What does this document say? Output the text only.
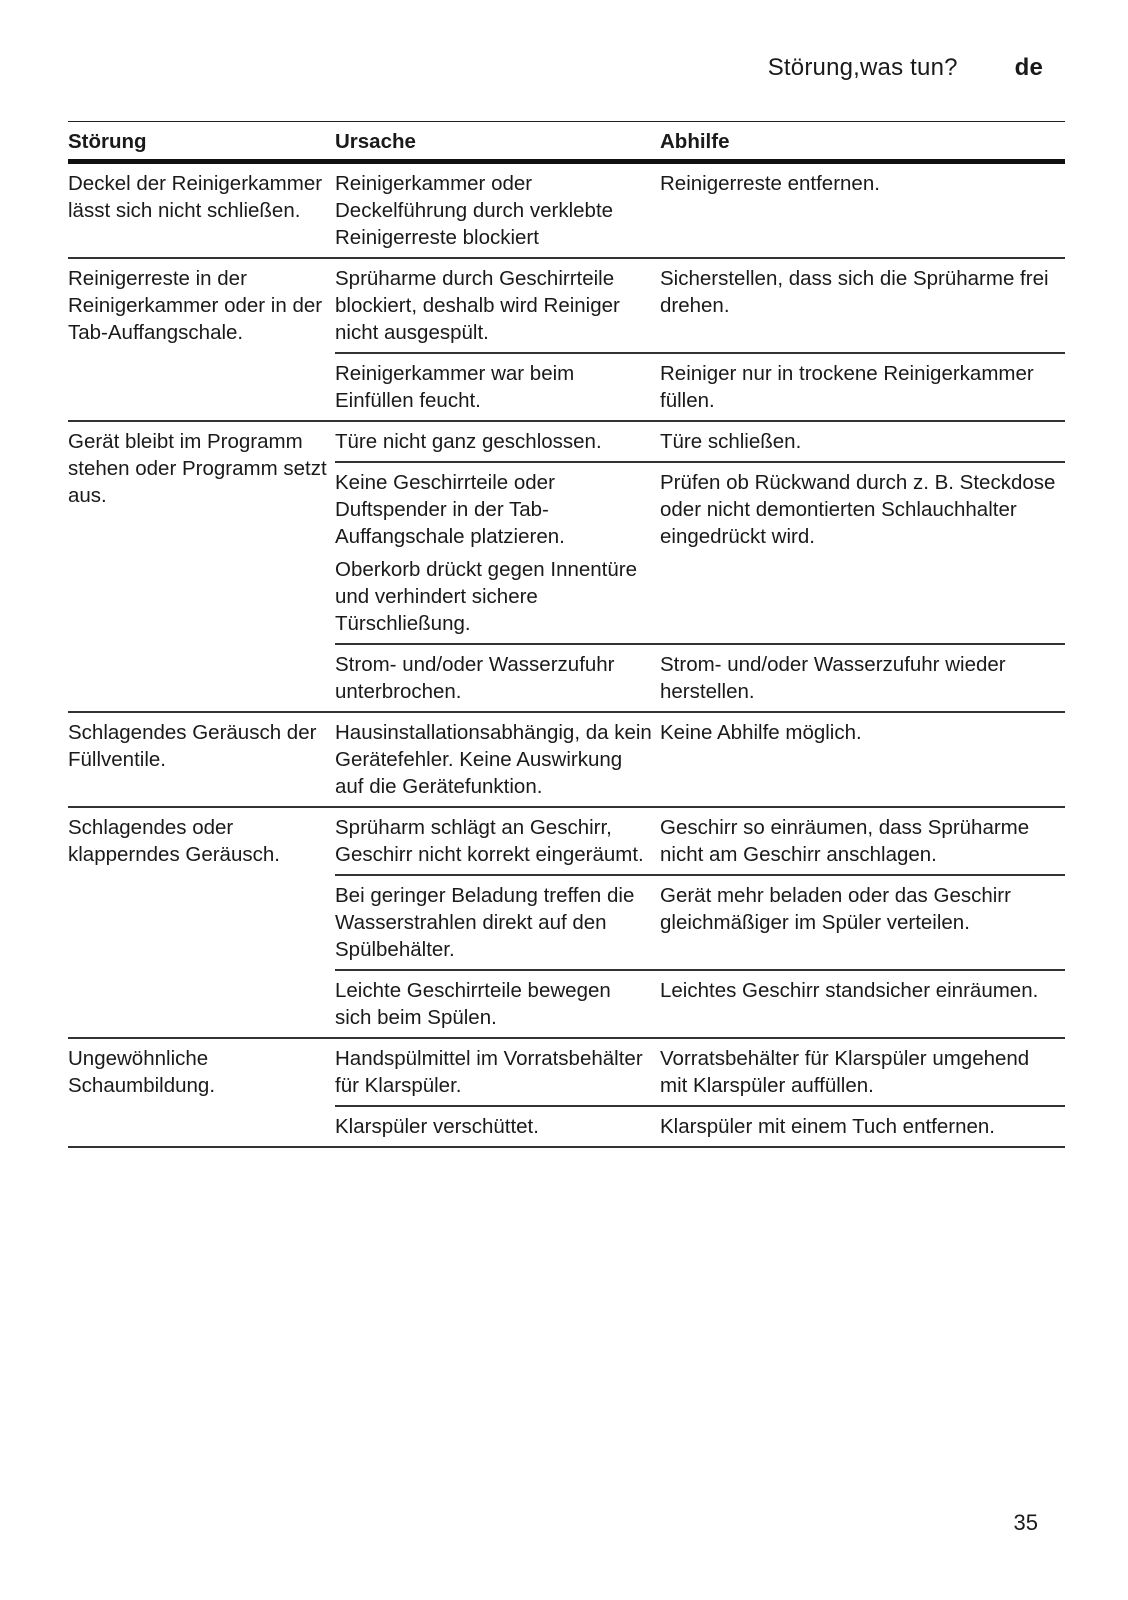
Störung,was tun? de
Störung	Ursache	Abhilfe
Deckel der Reinigerkammer lässt sich nicht schließen.	Reinigerkammer oder Deckelführung durch verklebte Reinigerreste blockiert	Reinigerreste entfernen.
Reinigerreste in der Reinigerkammer oder in der Tab-Auffangschale.	Sprüharme durch Geschirrteile blockiert, deshalb wird Reiniger nicht ausgespült.	Sicherstellen, dass sich die Sprüharme frei drehen.
	Reinigerkammer war beim Einfüllen feucht.	Reiniger nur in trockene Reinigerkammer füllen.
Gerät bleibt im Programm stehen oder Programm setzt aus.	Türe nicht ganz geschlossen.	Türe schließen.
	Keine Geschirrteile oder Duftspender in der Tab-Auffangschale platzieren.	Prüfen ob Rückwand durch z. B. Steckdose oder nicht demontierten Schlauchhalter eingedrückt wird.
	Oberkorb drückt gegen Innentüre und verhindert sichere Türschließung.	
	Strom- und/oder Wasserzufuhr unterbrochen.	Strom- und/oder Wasserzufuhr wieder herstellen.
Schlagendes Geräusch der Füllventile.	Hausinstallationsabhängig, da kein Gerätefehler. Keine Auswirkung auf die Gerätefunktion.	Keine Abhilfe möglich.
Schlagendes oder klapperndes Geräusch.	Sprüharm schlägt an Geschirr, Geschirr nicht korrekt eingeräumt.	Geschirr so einräumen, dass Sprüharme nicht am Geschirr anschlagen.
	Bei geringer Beladung treffen die Wasserstrahlen direkt auf den Spülbehälter.	Gerät mehr beladen oder das Geschirr gleichmäßiger im Spüler verteilen.
	Leichte Geschirrteile bewegen sich beim Spülen.	Leichtes Geschirr standsicher einräumen.
Ungewöhnliche Schaumbildung.	Handspülmittel im Vorratsbehälter für Klarspüler.	Vorratsbehälter für Klarspüler umgehend mit Klarspüler auffüllen.
	Klarspüler verschüttet.	Klarspüler mit einem Tuch entfernen.
35
